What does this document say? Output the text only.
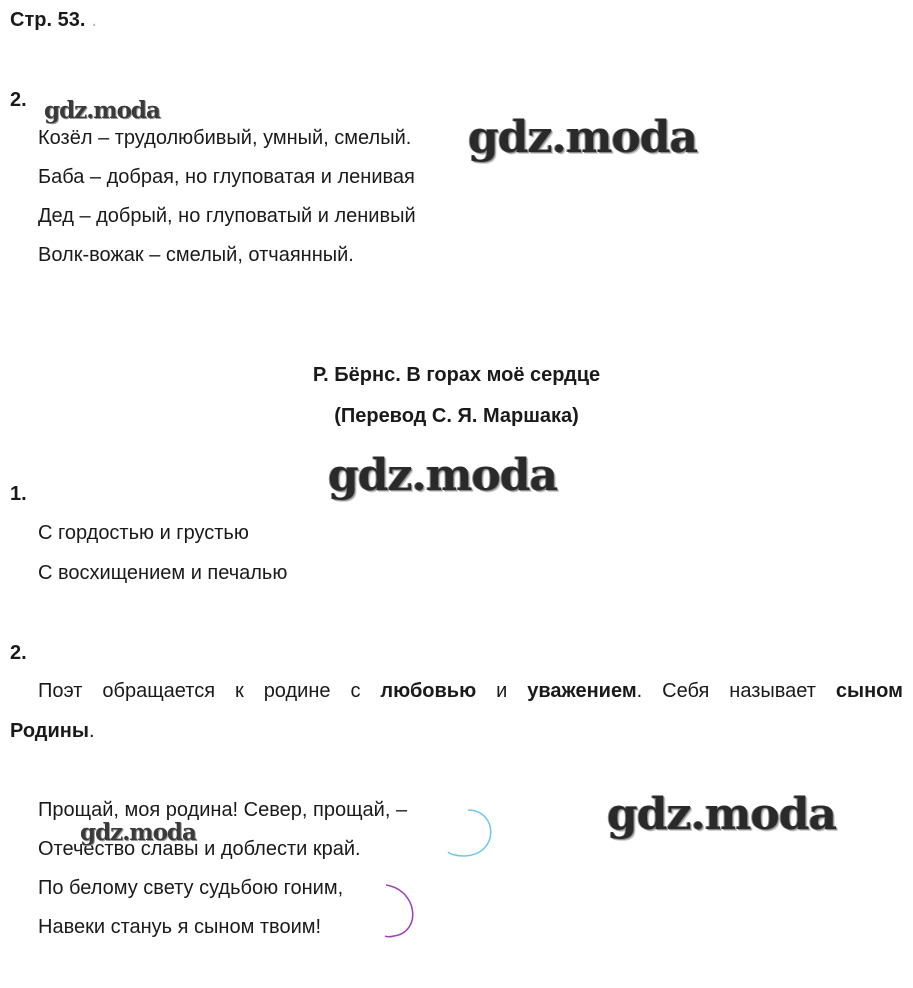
Стр. 53. .
2.
Козёл – трудолюбивый, умный, смелый.
Баба – добрая, но глуповатая и ленивая
Дед – добрый, но глуповатый и ленивый
Волк-вожак – смелый, отчаянный.
Р. Бёрнс. В горах моё сердце
(Перевод С. Я. Маршака)
1.
С гордостью и грустью
С восхищением и печалью
2.
Поэт обращается к родине с любовью и уважением. Себя называет сыном
Родины.
Прощай, моя родина! Север, прощай, –
Отечество славы и доблести край.
По белому свету судьбою гоним,
Навеки стануь я сыном твоим!
gdz.moda
gdz.moda
gdz.moda
gdz.moda
gdz.moda
